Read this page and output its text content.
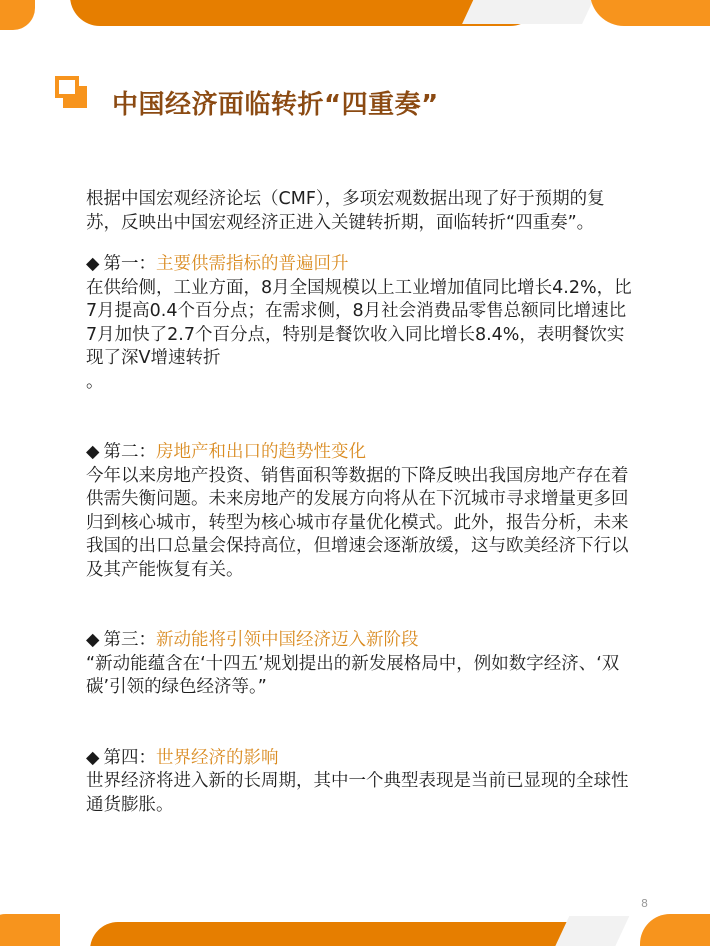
中国经济面临转折“四重奏”

根据中国宏观经济论坛（CMF），多项宏观数据出现了好于预期的复苏，反映出中国宏观经济正进入关键转折期，面临转折“四重奏”。

◆ 第一：主要供需指标的普遍回升

在供给侧，工业方面，8月全国规模以上工业增加值同比增长4.2%，比7月提高0.4个百分点；在需求侧，8月社会消费品零售总额同比增速比7月加快了2.7个百分点，特别是餐饮收入同比增长8.4%，表明餐饮实现了深V增速转折

。

◆ 第二：房地产和出口的趋势性变化

今年以来房地产投资、销售面积等数据的下降反映出我国房地产存在着供需失衡问题。未来房地产的发展方向将从在下沉城市寻求增量更多回归到核心城市，转型为核心城市存量优化模式。此外，报告分析，未来我国的出口总量会保持高位，但增速会逐渐放缓，这与欧美经济下行以及其产能恢复有关。

◆ 第三：新动能将引领中国经济迈入新阶段

“新动能蕴含在‘十四五’规划提出的新发展格局中，例如数字经济、‘双碳’引领的绿色经济等。”

◆ 第四：世界经济的影响

世界经济将进入新的长周期，其中一个典型表现是当前已显现的全球性通货膨胀。

8
